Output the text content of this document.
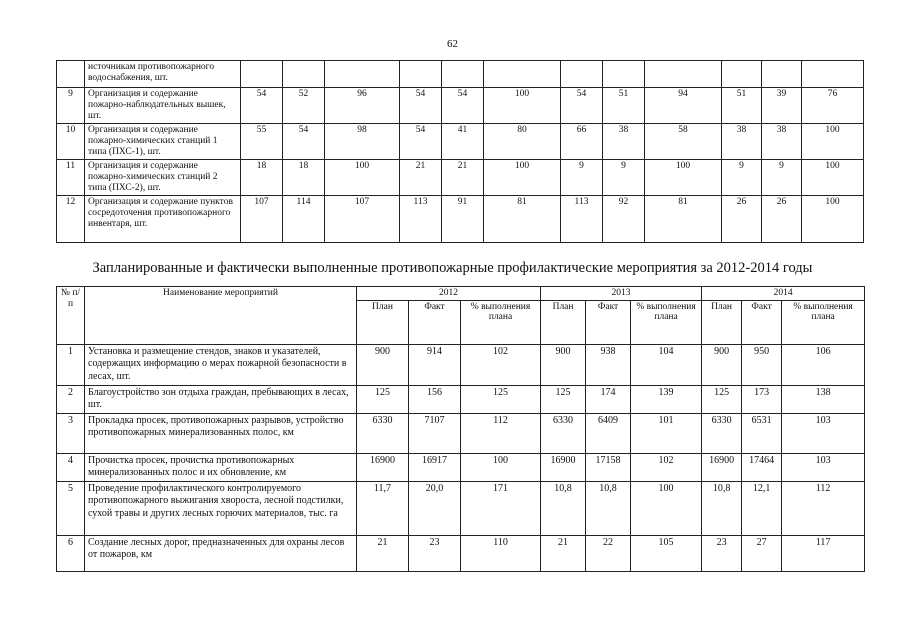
62
	источникам противопожарного водоснабжения, шт.												
9	Организация и содержание пожарно-наблюдательных вышек, шт.	54	52	96	54	54	100	54	51	94	51	39	76
10	Организация и содержание пожарно-химических станций 1 типа (ПХС-1), шт.	55	54	98	54	41	80	66	38	58	38	38	100
11	Организация и содержание пожарно-химических станций 2 типа (ПХС-2), шт.	18	18	100	21	21	100	9	9	100	9	9	100
12	Организация и содержание пунктов сосредоточения противопожарного инвентаря, шт.	107	114	107	113	91	81	113	92	81	26	26	100
Запланированные и фактически выполненные противопожарные профилактические мероприятия за 2012-2014 годы
№ п/п	Наименование мероприятий	2012			2013			2014		
		План	Факт	% выполнения плана	План	Факт	% выполнения плана	План	Факт	% выполнения плана
1	Установка и размещение стендов, знаков и указателей, содержащих информацию о мерах пожарной безопасности в лесах, шт.	900	914	102	900	938	104	900	950	106
2	Благоустройство зон отдыха граждан, пребывающих в лесах, шт.	125	156	125	125	174	139	125	173	138
3	Прокладка просек, противопожарных разрывов, устройство противопожарных минерализованных полос, км	6330	7107	112	6330	6409	101	6330	6531	103
4	Прочистка просек, прочистка противопожарных минерализованных полос и их обновление, км	16900	16917	100	16900	17158	102	16900	17464	103
5	Проведение профилактического контролируемого противопожарного выжигания хвороста, лесной подстилки, сухой травы и других лесных горючих материалов, тыс. га	11,7	20,0	171	10,8	10,8	100	10,8	12,1	112
6	Создание лесных дорог, предназначенных для охраны лесов от пожаров, км	21	23	110	21	22	105	23	27	117
